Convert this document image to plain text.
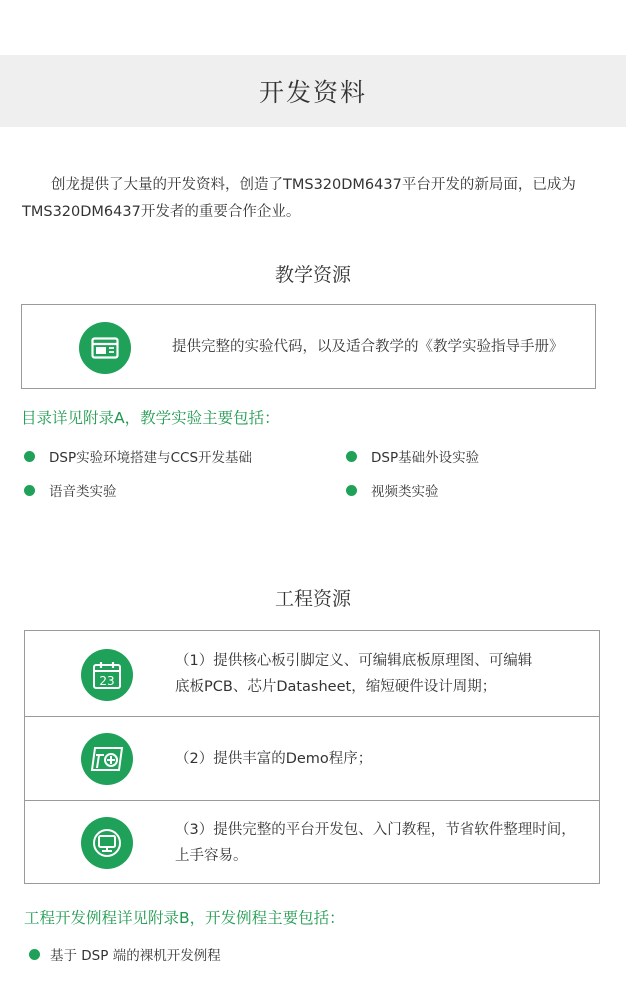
开发资料

创龙提供了大量的开发资料，创造了TMS320DM6437平台开发的新局面，已成为TMS320DM6437开发者的重要合作企业。

教学资源

提供完整的实验代码，以及适合教学的《教学实验指导手册》

目录详见附录A，教学实验主要包括：
DSP实验环境搭建与CCS开发基础	DSP基础外设实验
语音类实验	视频类实验
工程资源
23

（1）提供核心板引脚定义、可编辑底板原理图、可编辑

底板PCB、芯片Datasheet，缩短硬件设计周期；

（2）提供丰富的Demo程序；

（3）提供完整的平台开发包、入门教程，节省软件整理时间，

上手容易。

工程开发例程详见附录B，开发例程主要包括：
基于 DSP 端的裸机开发例程
